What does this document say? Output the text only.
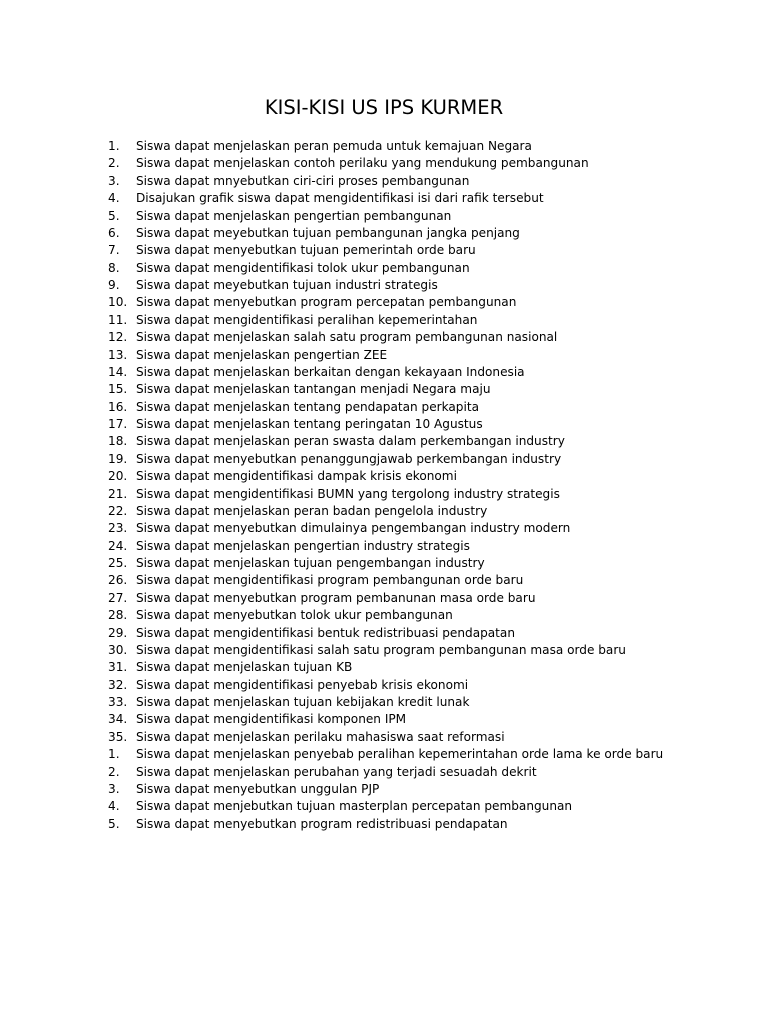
KISI-KISI US IPS KURMER
1.	Siswa dapat menjelaskan peran pemuda untuk kemajuan Negara
2.	Siswa dapat menjelaskan contoh perilaku yang mendukung pembangunan
3.	Siswa dapat mnyebutkan ciri-ciri proses pembangunan
4.	Disajukan grafik siswa dapat mengidentifikasi isi dari rafik tersebut
5.	Siswa dapat menjelaskan pengertian pembangunan
6.	Siswa dapat meyebutkan tujuan pembangunan jangka penjang
7.	Siswa dapat menyebutkan tujuan pemerintah orde baru
8.	Siswa dapat mengidentifikasi tolok ukur pembangunan
9.	Siswa dapat meyebutkan tujuan industri strategis
10. Siswa dapat menyebutkan program percepatan pembangunan
11. Siswa dapat mengidentifikasi peralihan kepemerintahan
12. Siswa dapat menjelaskan salah satu program pembangunan nasional
13. Siswa dapat menjelaskan pengertian ZEE
14. Siswa dapat menjelaskan berkaitan dengan kekayaan Indonesia
15. Siswa dapat menjelaskan tantangan menjadi Negara maju
16. Siswa dapat menjelaskan tentang pendapatan perkapita
17. Siswa dapat menjelaskan tentang peringatan 10 Agustus
18. Siswa dapat menjelaskan peran swasta dalam perkembangan industry
19. Siswa dapat menyebutkan penanggungjawab perkembangan industry
20. Siswa dapat mengidentifikasi dampak krisis ekonomi
21. Siswa dapat mengidentifikasi BUMN yang tergolong industry strategis
22. Siswa dapat menjelaskan peran badan pengelola industry
23. Siswa dapat menyebutkan dimulainya pengembangan industry modern
24. Siswa dapat menjelaskan pengertian industry strategis
25. Siswa dapat menjelaskan tujuan pengembangan industry
26. Siswa dapat mengidentifikasi program pembangunan orde baru
27. Siswa dapat menyebutkan program pembanunan masa orde baru
28. Siswa dapat menyebutkan tolok ukur pembangunan
29. Siswa dapat mengidentifikasi bentuk redistribuasi pendapatan
30. Siswa dapat mengidentifikasi salah satu program pembangunan masa orde baru
31. Siswa dapat menjelaskan tujuan KB
32. Siswa dapat mengidentifikasi penyebab krisis ekonomi
33. Siswa dapat menjelaskan tujuan kebijakan kredit lunak
34. Siswa dapat mengidentifikasi komponen IPM
35. Siswa dapat menjelaskan perilaku mahasiswa saat reformasi
1.	Siswa dapat menjelaskan penyebab peralihan kepemerintahan orde lama ke orde baru
2.	Siswa dapat menjelaskan perubahan yang terjadi sesuadah dekrit
3.	Siswa dapat menyebutkan unggulan PJP
4.	Siswa dapat menjebutkan tujuan masterplan percepatan pembangunan
5.	Siswa dapat menyebutkan program redistribuasi pendapatan
